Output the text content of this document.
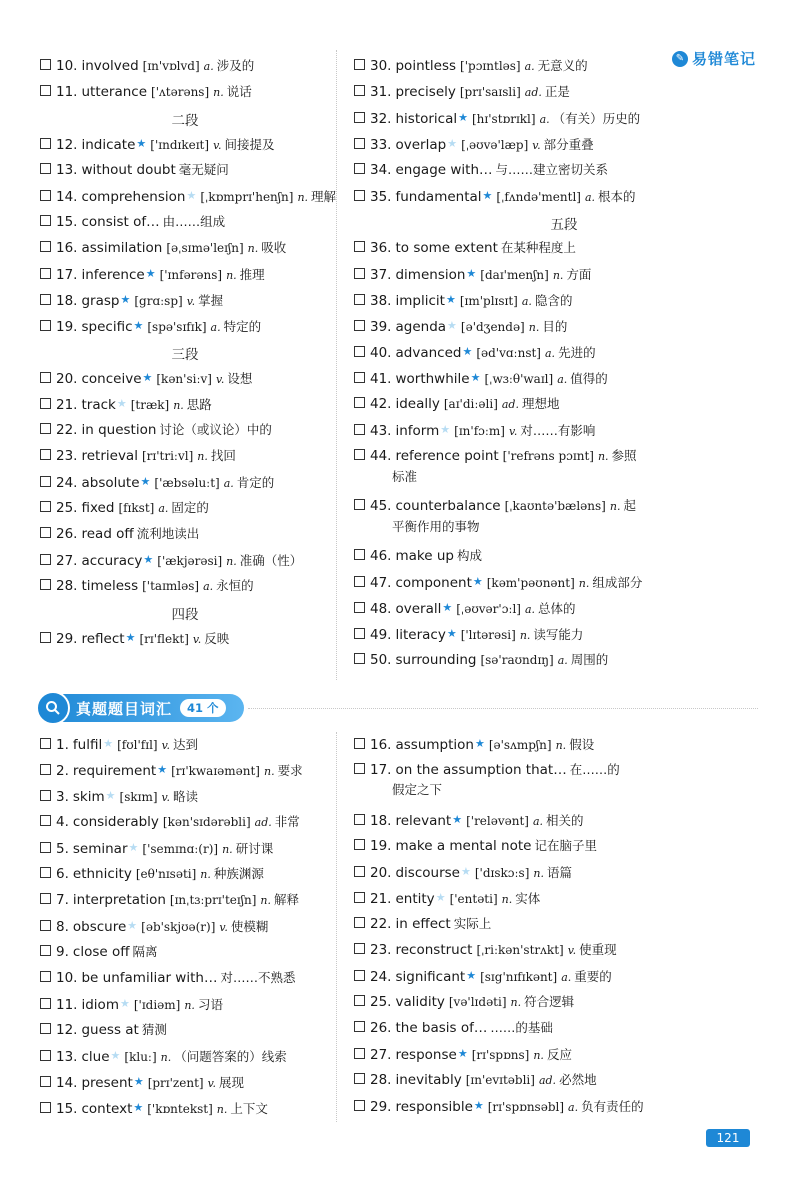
✎ 易错笔记
10. involved [ɪn'vɒlvd] a. 涉及的
11. utterance ['ʌtərəns] n. 说话
二段
12. indicate★ ['ɪndɪkeɪt] v. 间接提及
13. without doubt 毫无疑问
14. comprehension★ [ˌkɒmprɪ'henʃn] n. 理解
15. consist of… 由……组成
16. assimilation [əˌsɪmə'leɪʃn] n. 吸收
17. inference★ ['ɪnfərəns] n. 推理
18. grasp★ [grɑːsp] v. 掌握
19. specific★ [spə'sɪfɪk] a. 特定的
三段
20. conceive★ [kən'siːv] v. 设想
21. track★ [træk] n. 思路
22. in question 讨论（或议论）中的
23. retrieval [rɪ'triːvl] n. 找回
24. absolute★ ['æbsəluːt] a. 肯定的
25. fixed [fɪkst] a. 固定的
26. read off 流利地读出
27. accuracy★ ['ækjərəsi] n. 准确（性）
28. timeless ['taɪmləs] a. 永恒的
四段
29. reflect★ [rɪ'flekt] v. 反映
30. pointless ['pɔɪntləs] a. 无意义的
31. precisely [prɪ'saɪsli] ad. 正是
32. historical★ [hɪ'stɒrɪkl] a. （有关）历史的
33. overlap★ [ˌəʊvə'læp] v. 部分重叠
34. engage with… 与……建立密切关系
35. fundamental★ [ˌfʌndə'mentl] a. 根本的
五段
36. to some extent 在某种程度上
37. dimension★ [daɪ'menʃn] n. 方面
38. implicit★ [ɪm'plɪsɪt] a. 隐含的
39. agenda★ [ə'dʒendə] n. 目的
40. advanced★ [əd'vɑːnst] a. 先进的
41. worthwhile★ [ˌwɜːθ'waɪl] a. 值得的
42. ideally [aɪ'diːəli] ad. 理想地
43. inform★ [ɪn'fɔːm] v. 对……有影响
44. reference point ['refrəns pɔɪnt] n. 参照
标准
45. counterbalance [ˌkaʊntə'bæləns] n. 起
平衡作用的事物
46. make up 构成
47. component★ [kəm'pəʊnənt] n. 组成部分
48. overall★ [ˌəʊvər'ɔːl] a. 总体的
49. literacy★ ['lɪtərəsi] n. 读写能力
50. surrounding [sə'raʊndɪŋ] a. 周围的
真题题目词汇	41 个
1. fulfil★ [fʊl'fɪl] v. 达到
2. requirement★ [rɪ'kwaɪəmənt] n. 要求
3. skim★ [skɪm] v. 略读
4. considerably [kən'sɪdərəbli] ad. 非常
5. seminar★ ['semɪnɑː(r)] n. 研讨课
6. ethnicity [eθ'nɪsəti] n. 种族渊源
7. interpretation [ɪnˌtɜːprɪ'teɪʃn] n. 解释
8. obscure★ [əb'skjʊə(r)] v. 使模糊
9. close off 隔离
10. be unfamiliar with… 对……不熟悉
11. idiom★ ['ɪdiəm] n. 习语
12. guess at 猜测
13. clue★ [kluː] n. （问题答案的）线索
14. present★ [prɪ'zent] v. 展现
15. context★ ['kɒntekst] n. 上下文
16. assumption★ [ə'sʌmpʃn] n. 假设
17. on the assumption that… 在……的
假定之下
18. relevant★ ['reləvənt] a. 相关的
19. make a mental note 记在脑子里
20. discourse★ ['dɪskɔːs] n. 语篇
21. entity★ ['entəti] n. 实体
22. in effect 实际上
23. reconstruct [ˌriːkən'strʌkt] v. 使重现
24. significant★ [sɪg'nɪfɪkənt] a. 重要的
25. validity [və'lɪdəti] n. 符合逻辑
26. the basis of… ……的基础
27. response★ [rɪ'spɒns] n. 反应
28. inevitably [ɪn'evɪtəbli] ad. 必然地
29. responsible★ [rɪ'spɒnsəbl] a. 负有责任的
121
